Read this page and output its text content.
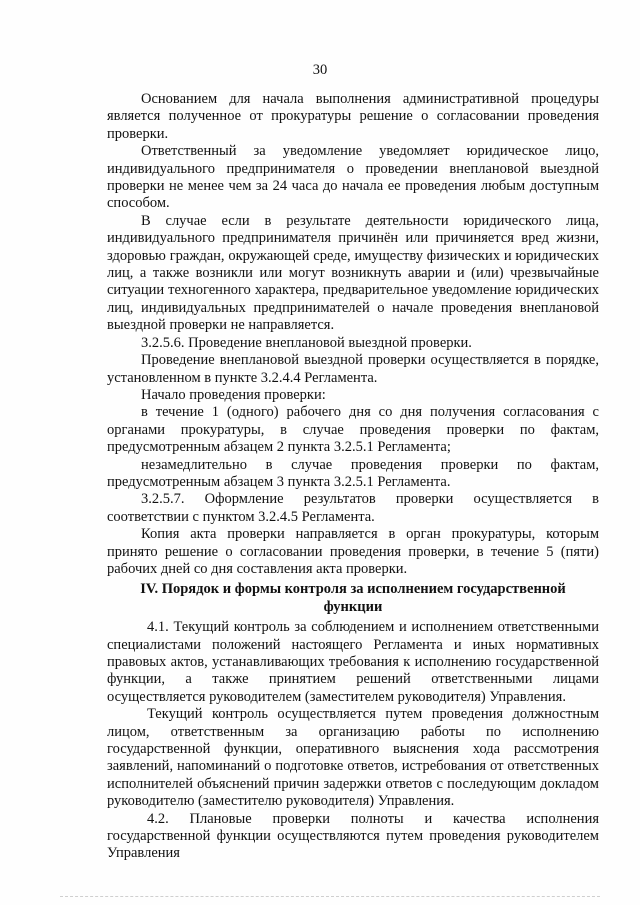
30

Основанием для начала выполнения административной процедуры является полученное от прокуратуры решение о согласовании проведения проверки.

Ответственный за уведомление уведомляет юридическое лицо, индивидуального предпринимателя о проведении внеплановой выездной проверки не менее чем за 24 часа до начала ее проведения любым доступным способом.

В случае если в результате деятельности юридического лица, индивидуального предпринимателя причинён или причиняется вред жизни, здоровью граждан, окружающей среде, имуществу физических и юридических лиц, а также возникли или могут возникнуть аварии и (или) чрезвычайные ситуации техногенного характера, предварительное уведомление юридических лиц, индивидуальных предпринимателей о начале проведения внеплановой выездной проверки не направляется.

3.2.5.6. Проведение внеплановой выездной проверки.

Проведение внеплановой выездной проверки осуществляется в порядке, установленном в пункте 3.2.4.4 Регламента.

Начало проведения проверки:

в течение 1 (одного) рабочего дня со дня получения согласования с органами прокуратуры, в случае проведения проверки по фактам, предусмотренным абзацем 2 пункта 3.2.5.1 Регламента;

незамедлительно в случае проведения проверки по фактам, предусмотренным абзацем 3 пункта 3.2.5.1 Регламента.

3.2.5.7. Оформление результатов проверки осуществляется в соответствии с пунктом 3.2.4.5 Регламента.

Копия акта проверки направляется в орган прокуратуры, которым принято решение о согласовании проведения проверки, в течение 5 (пяти) рабочих дней со дня составления акта проверки.

IV. Порядок и формы контроля за исполнением государственной функции

4.1. Текущий контроль за соблюдением и исполнением ответственными специалистами положений настоящего Регламента и иных нормативных правовых актов, устанавливающих требования к исполнению государственной функции, а также принятием решений ответственными лицами осуществляется руководителем (заместителем руководителя) Управления.

Текущий контроль осуществляется путем проведения должностным лицом, ответственным за организацию работы по исполнению государственной функции, оперативного выяснения хода рассмотрения заявлений, напоминаний о подготовке ответов, истребования от ответственных исполнителей объяснений причин задержки ответов с последующим докладом руководителю (заместителю руководителя) Управления.

4.2. Плановые проверки полноты и качества исполнения государственной функции осуществляются путем проведения руководителем Управления
